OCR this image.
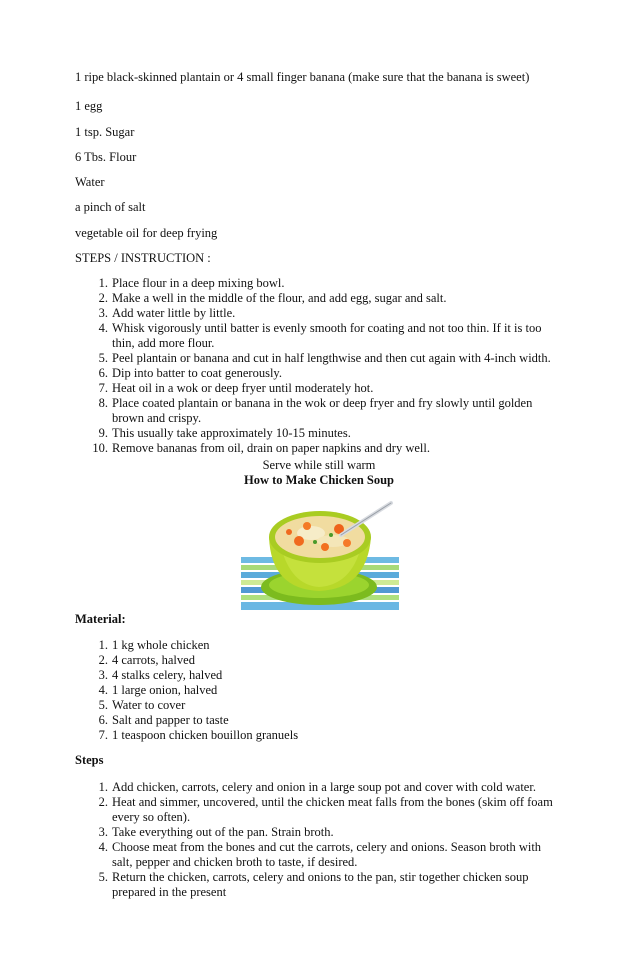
1 ripe black-skinned plantain or 4 small finger banana (make sure that the banana is sweet)
1 egg
1 tsp. Sugar
6 Tbs. Flour
Water
a pinch of salt
vegetable oil for deep frying
STEPS / INSTRUCTION :
1. Place flour in a deep mixing bowl.
2. Make a well in the middle of the flour, and add egg, sugar and salt.
3. Add water little by little.
4. Whisk vigorously until batter is evenly smooth for coating and not too thin. If it is too thin, add more flour.
5. Peel plantain or banana and cut in half lengthwise and then cut again with 4-inch width.
6. Dip into batter to coat generously.
7. Heat oil in a wok or deep fryer until moderately hot.
8. Place coated plantain or banana in the wok or deep fryer and fry slowly until golden brown and crispy.
9. This usually take approximately 10-15 minutes.
10. Remove bananas from oil, drain on paper napkins and dry well.
Serve while still warm
How to Make Chicken Soup
Material:
1. 1 kg whole chicken
2. 4 carrots, halved
3. 4 stalks celery, halved
4. 1 large onion, halved
5. Water to cover
6. Salt and papper to taste
7. 1 teaspoon chicken bouillon granuels
Steps
1. Add chicken, carrots, celery and onion in a large soup pot and cover with cold water.
2. Heat and simmer, uncovered, until the chicken meat falls from the bones (skim off foam every so often).
3. Take everything out of the pan. Strain broth.
4. Choose meat from the bones and cut the carrots, celery and onions. Season broth with salt, pepper and chicken broth to taste, if desired.
5. Return the chicken, carrots, celery and onions to the pan, stir together chicken soup prepared in the present
